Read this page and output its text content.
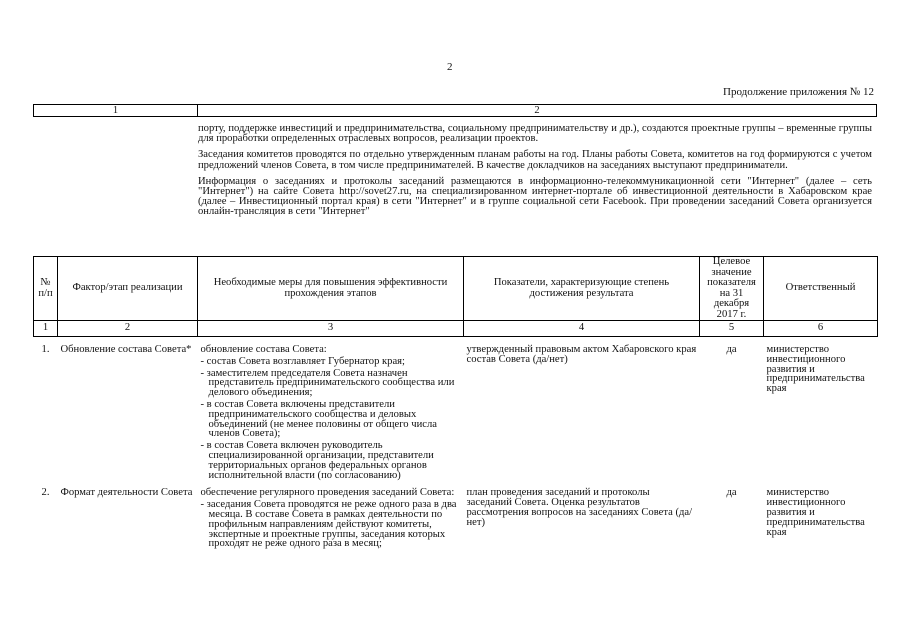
2
Продолжение приложения № 12
1	2

порту, поддержке инвестиций и предпринимательства, социальному предпринимательству и др.), создаются проектные группы – временные группы для проработки определенных отраслевых вопросов, реализации проектов.

Заседания комитетов проводятся по отдельно утвержденным планам работы на год. Планы работы Совета, комитетов на год формируются с учетом предложений членов Совета, в том числе предпринимателей. В качестве докладчиков на заседаниях выступают предприниматели.

Информация о заседаниях и протоколы заседаний размещаются в информационно-телекоммуникационной сети "Интернет" (далее – сеть "Интернет") на сайте Совета http://sovet27.ru, на специализированном интернет-портале об инвестиционной деятельности в Хабаровском крае (далее – Инвестиционный портал края) в сети "Интернет" и в группе социальной сети Facebook. При проведении заседаний Совета организуется онлайн-трансляция в сети "Интернет"

№ п/п	Фактор/этап реализации	Необходимые меры для повышения эффективности прохождения этапов	Показатели, характеризующие степень достижения результата	Целевое значение показателя на 31 декабря 2017 г.	Ответственный
1	2	3	4	5	6
1.	Обновление состава Совета*	обновление состава Совета:

- состав Совета возглавляет Губернатор края;

- заместителем председателя Совета назначен представитель предпринимательского сообщества или делового объединения;

- в состав Совета включены представители предпринимательского сообщества и деловых объединений (не менее половины от общего числа членов Совета);

- в состав Совета включен руководитель специализированной организации, представители территориальных органов федеральных органов исполнительной власти (по согласованию)	утвержденный правовым актом Хабаровского края состав Совета (да/нет)	да	министерство инвестиционного развития и предпринимательства края
2.	Формат деятельности Совета	обеспечение регулярного проведения заседаний Совета:

- заседания Совета проводятся не реже одного раза в два месяца. В составе Совета в рамках деятельности по профильным направлениям действуют комитеты, экспертные и проектные группы, заседания которых проходят не реже одного раза в месяц;	план проведения заседаний и протоколы заседаний Совета. Оценка результатов рассмотрения вопросов на заседаниях Совета (да/нет)	да	министерство инвестиционного развития и предпринимательства края
